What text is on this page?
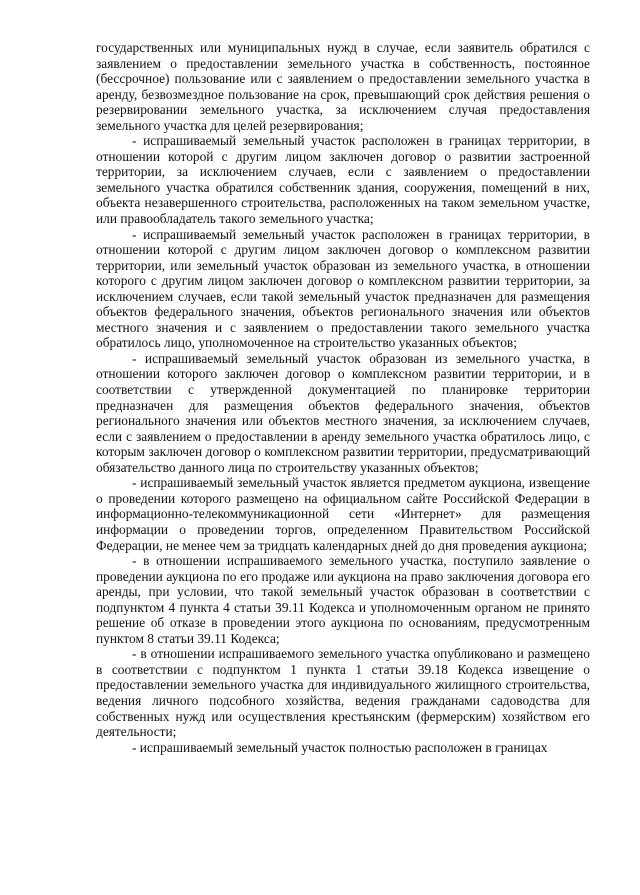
государственных или муниципальных нужд в случае, если заявитель обратился с заявлением о предоставлении земельного участка в собственность, постоянное (бессрочное) пользование или с заявлением о предоставлении земельного участка в аренду, безвозмездное пользование на срок, превышающий срок действия решения о резервировании земельного участка, за исключением случая предоставления земельного участка для целей резервирования;

- испрашиваемый земельный участок расположен в границах территории, в отношении которой с другим лицом заключен договор о развитии застроенной территории, за исключением случаев, если с заявлением о предоставлении земельного участка обратился собственник здания, сооружения, помещений в них, объекта незавершенного строительства, расположенных на таком земельном участке, или правообладатель такого земельного участка;

- испрашиваемый земельный участок расположен в границах территории, в отношении которой с другим лицом заключен договор о комплексном развитии территории, или земельный участок образован из земельного участка, в отношении которого с другим лицом заключен договор о комплексном развитии территории, за исключением случаев, если такой земельный участок предназначен для размещения объектов федерального значения, объектов регионального значения или объектов местного значения и с заявлением о предоставлении такого земельного участка обратилось лицо, уполномоченное на строительство указанных объектов;

- испрашиваемый земельный участок образован из земельного участка, в отношении которого заключен договор о комплексном развитии территории, и в соответствии с утвержденной документацией по планировке территории предназначен для размещения объектов федерального значения, объектов регионального значения или объектов местного значения, за исключением случаев, если с заявлением о предоставлении в аренду земельного участка обратилось лицо, с которым заключен договор о комплексном развитии территории, предусматривающий обязательство данного лица по строительству указанных объектов;

- испрашиваемый земельный участок является предметом аукциона, извещение о проведении которого размещено на официальном сайте Российской Федерации в информационно-телекоммуникационной сети «Интернет» для размещения информации о проведении торгов, определенном Правительством Российской Федерации, не менее чем за тридцать календарных дней до дня проведения аукциона;

- в отношении испрашиваемого земельного участка, поступило заявление о проведении аукциона по его продаже или аукциона на право заключения договора его аренды, при условии, что такой земельный участок образован в соответствии с подпунктом 4 пункта 4 статьи 39.11 Кодекса и уполномоченным органом не принято решение об отказе в проведении этого аукциона по основаниям, предусмотренным пунктом 8 статьи 39.11 Кодекса;

- в отношении испрашиваемого земельного участка опубликовано и размещено в соответствии с подпунктом 1 пункта 1 статьи 39.18 Кодекса извещение о предоставлении земельного участка для индивидуального жилищного строительства, ведения личного подсобного хозяйства, ведения гражданами садоводства для собственных нужд или осуществления крестьянским (фермерским) хозяйством его деятельности;

- испрашиваемый земельный участок полностью расположен в границах
